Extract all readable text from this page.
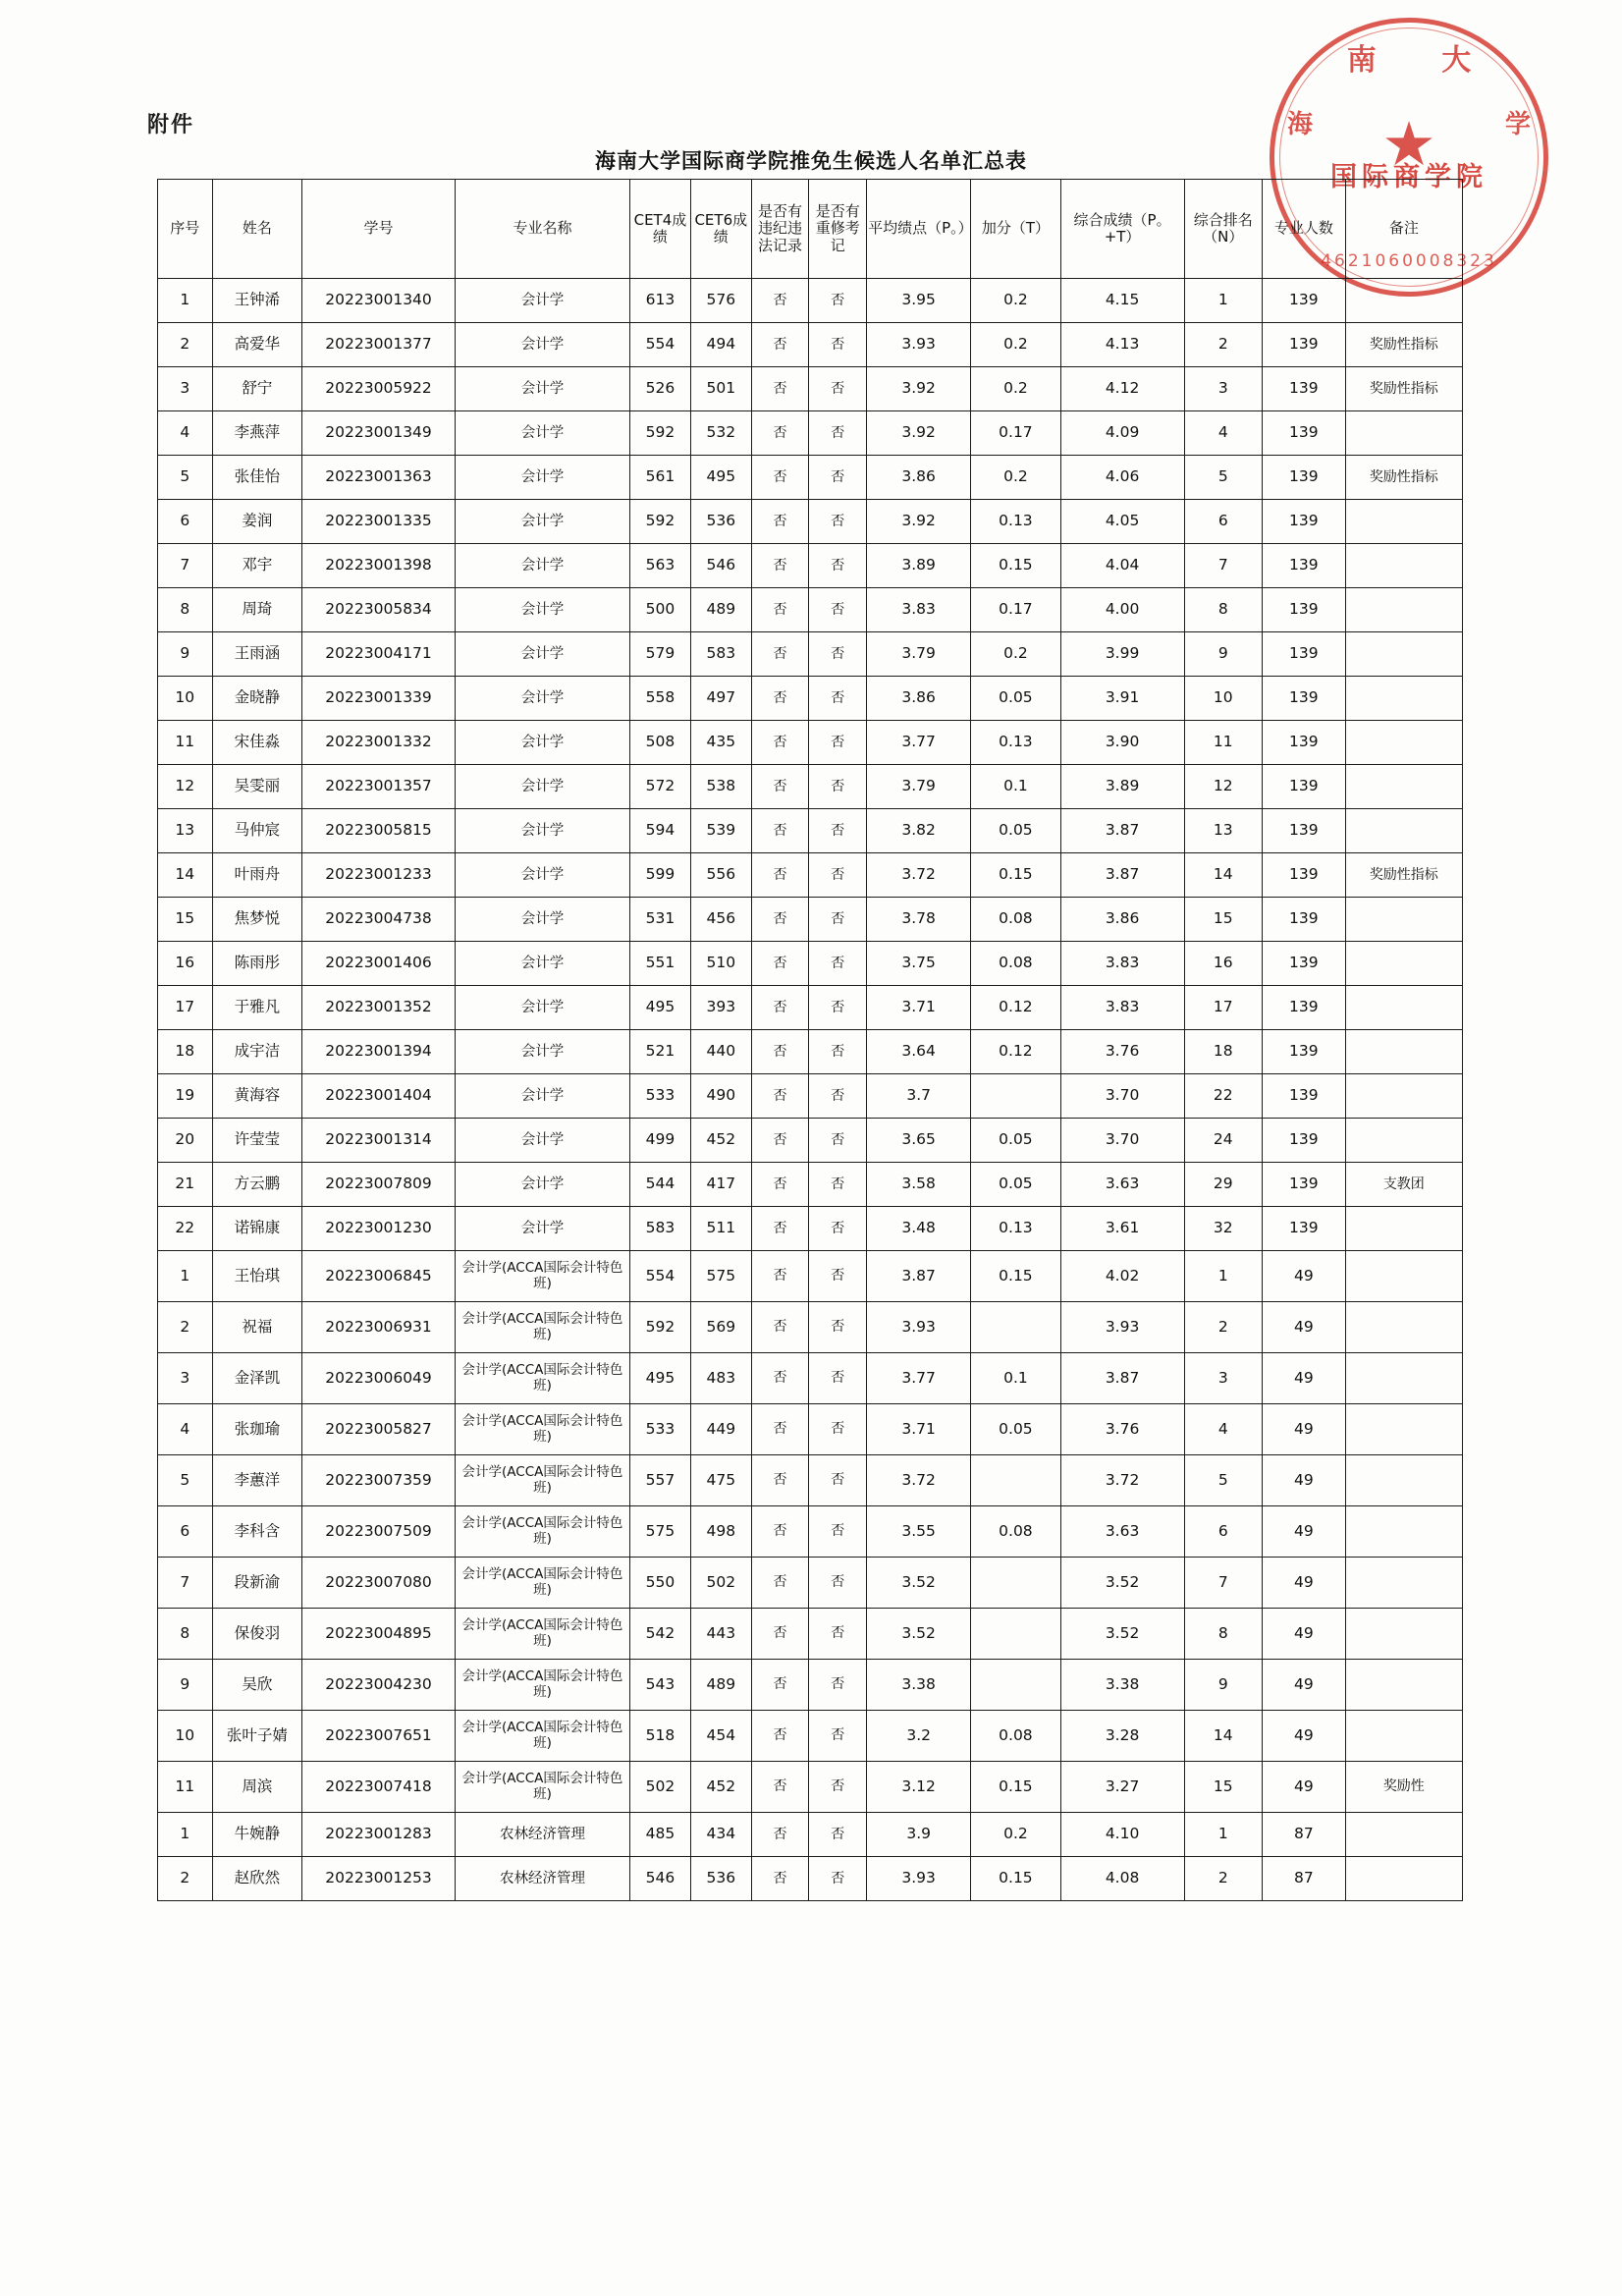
附件
海南大学国际商学院推免生候选人名单汇总表
南 大
海	学
★
国际商学院
4621060008323
序号	姓名	学号	专业名称	CET4成绩	CET6成绩	是否有违纪违法记录	是否有重修考记	平均绩点（P。）	加分（T）	综合成绩（P。+T）	综合排名（N）	专业人数	备注
1	王钟浠	20223001340	会计学	613	576	否	否	3.95	0.2	4.15	1	139	
2	高爱华	20223001377	会计学	554	494	否	否	3.93	0.2	4.13	2	139	奖励性指标
3	舒宁	20223005922	会计学	526	501	否	否	3.92	0.2	4.12	3	139	奖励性指标
4	李燕萍	20223001349	会计学	592	532	否	否	3.92	0.17	4.09	4	139	
5	张佳怡	20223001363	会计学	561	495	否	否	3.86	0.2	4.06	5	139	奖励性指标
6	姜润	20223001335	会计学	592	536	否	否	3.92	0.13	4.05	6	139	
7	邓宇	20223001398	会计学	563	546	否	否	3.89	0.15	4.04	7	139	
8	周琦	20223005834	会计学	500	489	否	否	3.83	0.17	4.00	8	139	
9	王雨涵	20223004171	会计学	579	583	否	否	3.79	0.2	3.99	9	139	
10	金晓静	20223001339	会计学	558	497	否	否	3.86	0.05	3.91	10	139	
11	宋佳淼	20223001332	会计学	508	435	否	否	3.77	0.13	3.90	11	139	
12	吴雯丽	20223001357	会计学	572	538	否	否	3.79	0.1	3.89	12	139	
13	马仲宸	20223005815	会计学	594	539	否	否	3.82	0.05	3.87	13	139	
14	叶雨舟	20223001233	会计学	599	556	否	否	3.72	0.15	3.87	14	139	奖励性指标
15	焦梦悦	20223004738	会计学	531	456	否	否	3.78	0.08	3.86	15	139	
16	陈雨彤	20223001406	会计学	551	510	否	否	3.75	0.08	3.83	16	139	
17	于雅凡	20223001352	会计学	495	393	否	否	3.71	0.12	3.83	17	139	
18	成宇洁	20223001394	会计学	521	440	否	否	3.64	0.12	3.76	18	139	
19	黄海容	20223001404	会计学	533	490	否	否	3.7		3.70	22	139	
20	许莹莹	20223001314	会计学	499	452	否	否	3.65	0.05	3.70	24	139	
21	方云鹏	20223007809	会计学	544	417	否	否	3.58	0.05	3.63	29	139	支教团
22	诺锦康	20223001230	会计学	583	511	否	否	3.48	0.13	3.61	32	139	
1	王怡琪	20223006845	会计学(ACCA国际会计特色班)	554	575	否	否	3.87	0.15	4.02	1	49	
2	祝福	20223006931	会计学(ACCA国际会计特色班)	592	569	否	否	3.93		3.93	2	49	
3	金泽凯	20223006049	会计学(ACCA国际会计特色班)	495	483	否	否	3.77	0.1	3.87	3	49	
4	张珈瑜	20223005827	会计学(ACCA国际会计特色班)	533	449	否	否	3.71	0.05	3.76	4	49	
5	李蕙洋	20223007359	会计学(ACCA国际会计特色班)	557	475	否	否	3.72		3.72	5	49	
6	李科含	20223007509	会计学(ACCA国际会计特色班)	575	498	否	否	3.55	0.08	3.63	6	49	
7	段新渝	20223007080	会计学(ACCA国际会计特色班)	550	502	否	否	3.52		3.52	7	49	
8	保俊羽	20223004895	会计学(ACCA国际会计特色班)	542	443	否	否	3.52		3.52	8	49	
9	吴欣	20223004230	会计学(ACCA国际会计特色班)	543	489	否	否	3.38		3.38	9	49	
10	张叶子婧	20223007651	会计学(ACCA国际会计特色班)	518	454	否	否	3.2	0.08	3.28	14	49	
11	周滨	20223007418	会计学(ACCA国际会计特色班)	502	452	否	否	3.12	0.15	3.27	15	49	奖励性
1	牛婉静	20223001283	农林经济管理	485	434	否	否	3.9	0.2	4.10	1	87	
2	赵欣然	20223001253	农林经济管理	546	536	否	否	3.93	0.15	4.08	2	87	
